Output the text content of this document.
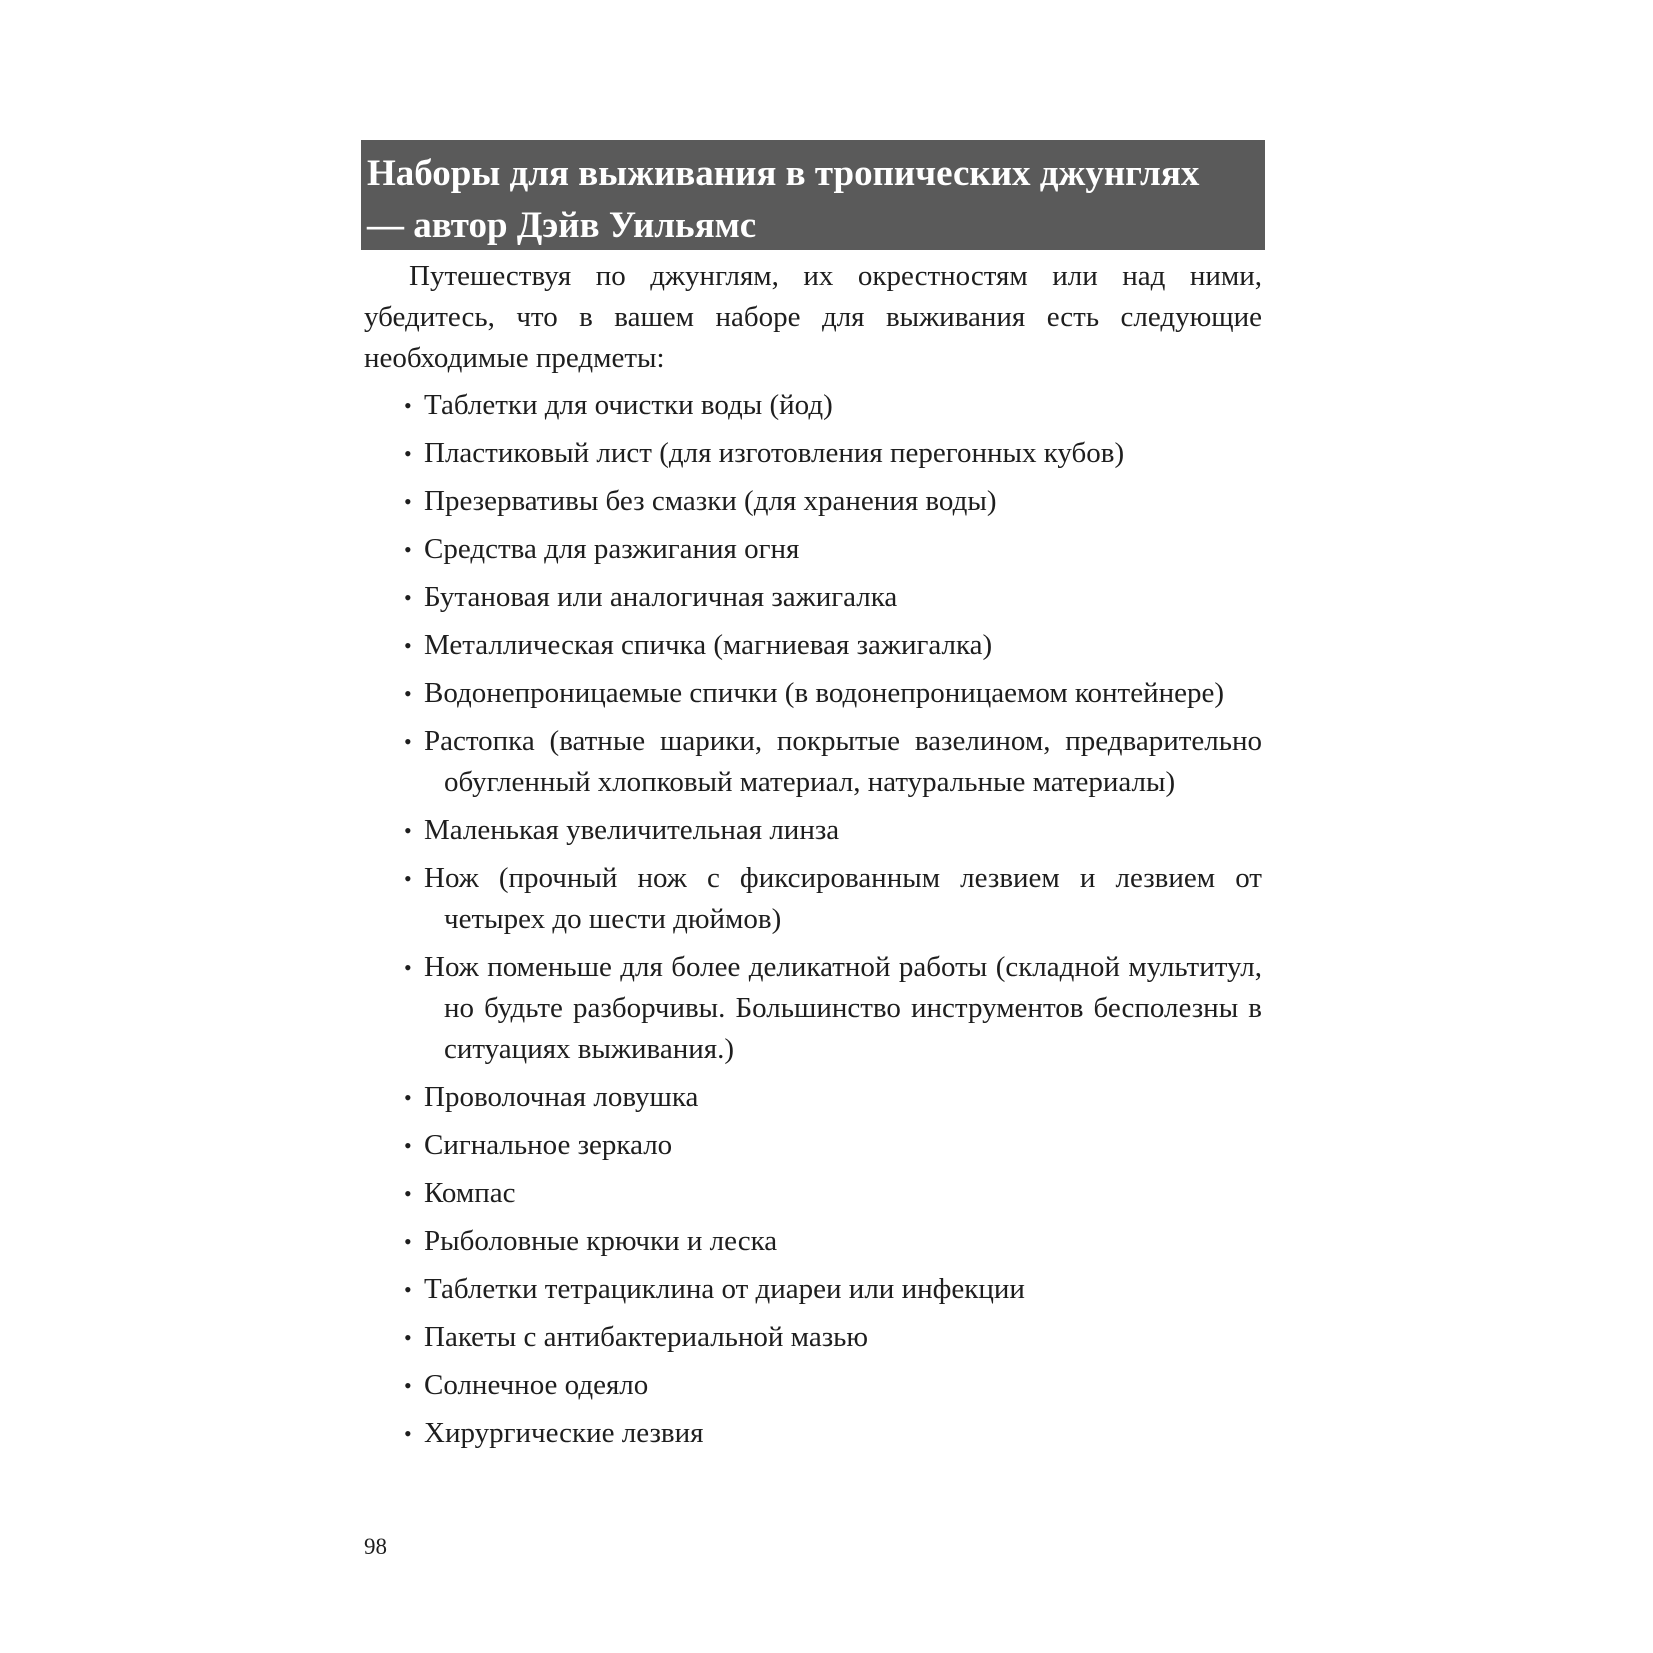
Наборы для выживания в тропических джунглях
— автор Дэйв Уильямс

Путешествуя по джунглям, их окрестностям или над ними, убедитесь, что в вашем наборе для выживания есть следующие необходимые предметы:

• Таблетки для очистки воды (йод)
• Пластиковый лист (для изготовления перегонных кубов)
• Презервативы без смазки (для хранения воды)
• Средства для разжигания огня
• Бутановая или аналогичная зажигалка
• Металлическая спичка (магниевая зажигалка)
• Водонепроницаемые спички (в водонепроницаемом контейнере)
• Растопка (ватные шарики, покрытые вазелином, предварительно обугленный хлопковый материал, натуральные материалы)
• Маленькая увеличительная линза
• Нож (прочный нож с фиксированным лезвием и лезвием от четырех до шести дюймов)
• Нож поменьше для более деликатной работы (складной мультитул, но будьте разборчивы. Большинство инструментов бесполезны в ситуациях выживания.)
• Проволочная ловушка
• Сигнальное зеркало
• Компас
• Рыболовные крючки и леска
• Таблетки тетрациклина от диареи или инфекции
• Пакеты с антибактериальной мазью
• Солнечное одеяло
• Хирургические лезвия
98
